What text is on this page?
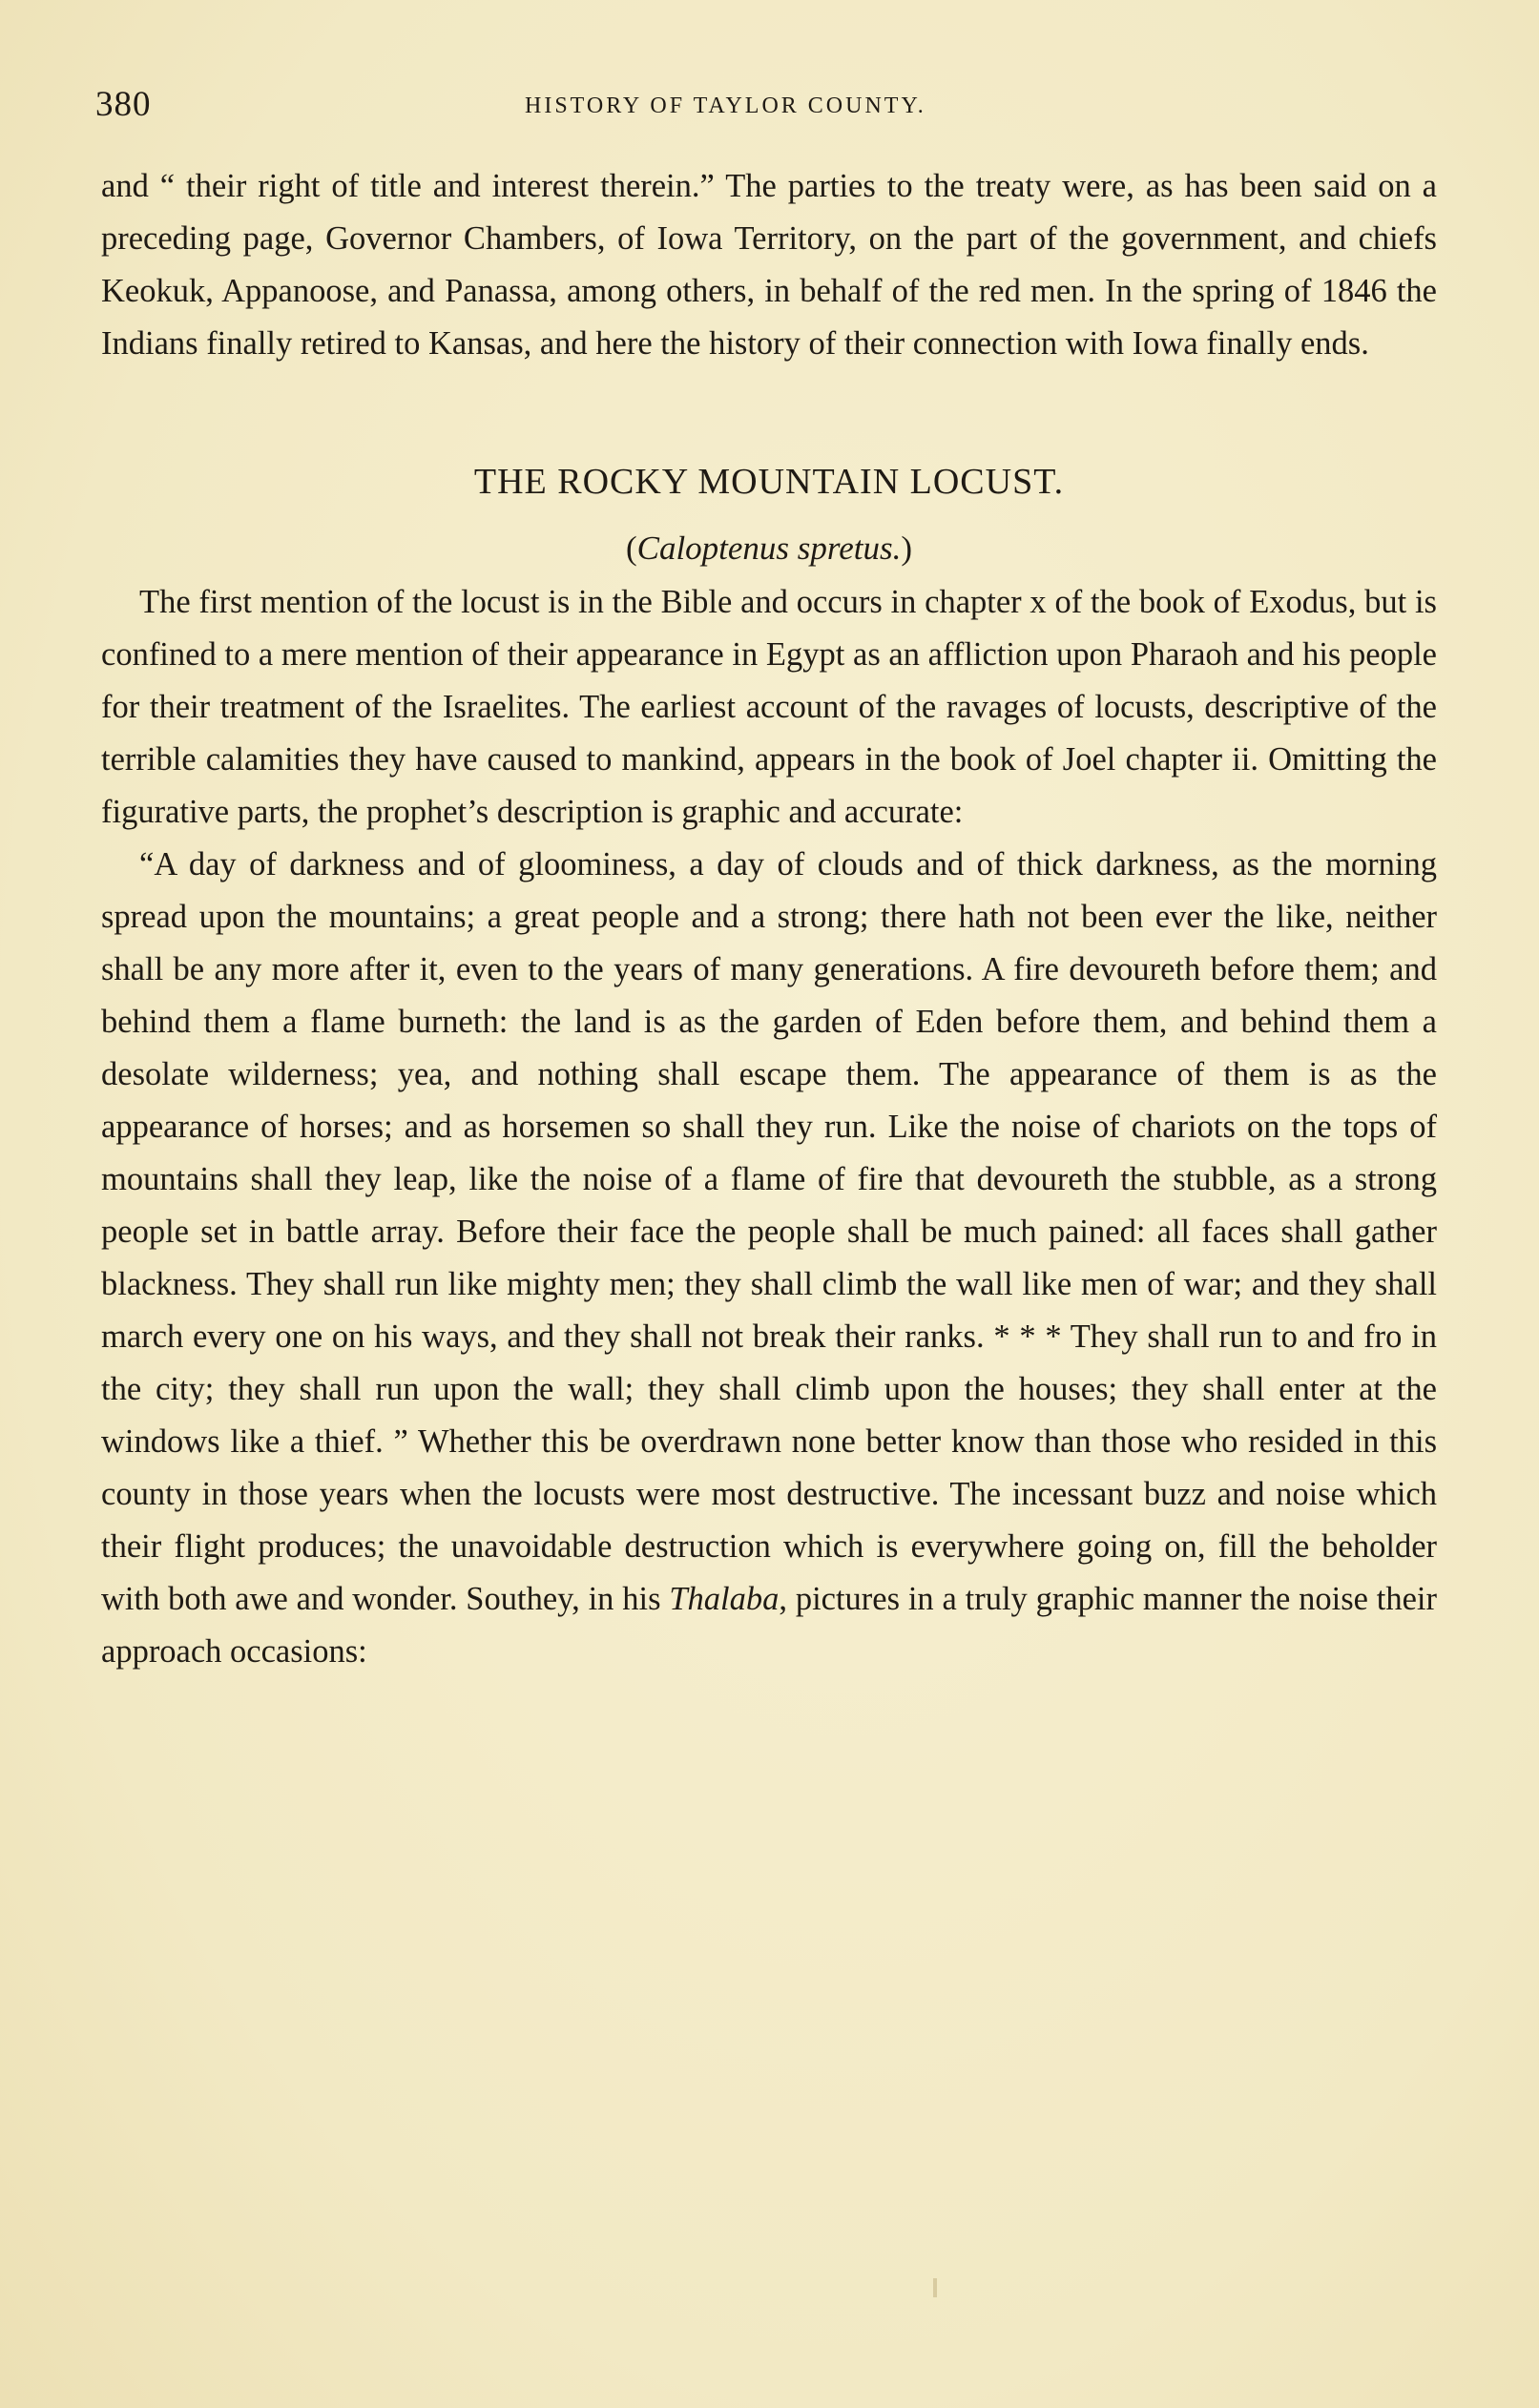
380	HISTORY OF TAYLOR COUNTY.

and “ their right of title and interest therein.” The parties to the treaty were, as has been said on a preceding page, Governor Chambers, of Iowa Territory, on the part of the government, and chiefs Keokuk, Appanoose, and Panassa, among others, in behalf of the red men. In the spring of 1846 the Indians finally retired to Kansas, and here the history of their connection with Iowa finally ends.

THE ROCKY MOUNTAIN LOCUST.
(Caloptenus spretus.)

The first mention of the locust is in the Bible and occurs in chapter x of the book of Exodus, but is confined to a mere mention of their appearance in Egypt as an affliction upon Pharaoh and his people for their treatment of the Israelites. The earliest account of the ravages of locusts, descriptive of the terrible calamities they have caused to mankind, appears in the book of Joel chapter ii. Omitting the figurative parts, the prophet’s description is graphic and accurate:

“A day of darkness and of gloominess, a day of clouds and of thick darkness, as the morning spread upon the mountains; a great people and a strong; there hath not been ever the like, neither shall be any more after it, even to the years of many generations. A fire devoureth before them; and behind them a flame burneth: the land is as the garden of Eden before them, and behind them a desolate wilderness; yea, and nothing shall escape them. The appearance of them is as the appearance of horses; and as horsemen so shall they run. Like the noise of chariots on the tops of mountains shall they leap, like the noise of a flame of fire that devoureth the stubble, as a strong people set in battle array. Before their face the people shall be much pained: all faces shall gather blackness. They shall run like mighty men; they shall climb the wall like men of war; and they shall march every one on his ways, and they shall not break their ranks. * * * They shall run to and fro in the city; they shall run upon the wall; they shall climb upon the houses; they shall enter at the windows like a thief. ” Whether this be overdrawn none better know than those who resided in this county in those years when the locusts were most destructive. The incessant buzz and noise which their flight produces; the unavoidable destruction which is everywhere going on, fill the beholder with both awe and wonder. Southey, in his Thalaba, pictures in a truly graphic manner the noise their approach occasions:
